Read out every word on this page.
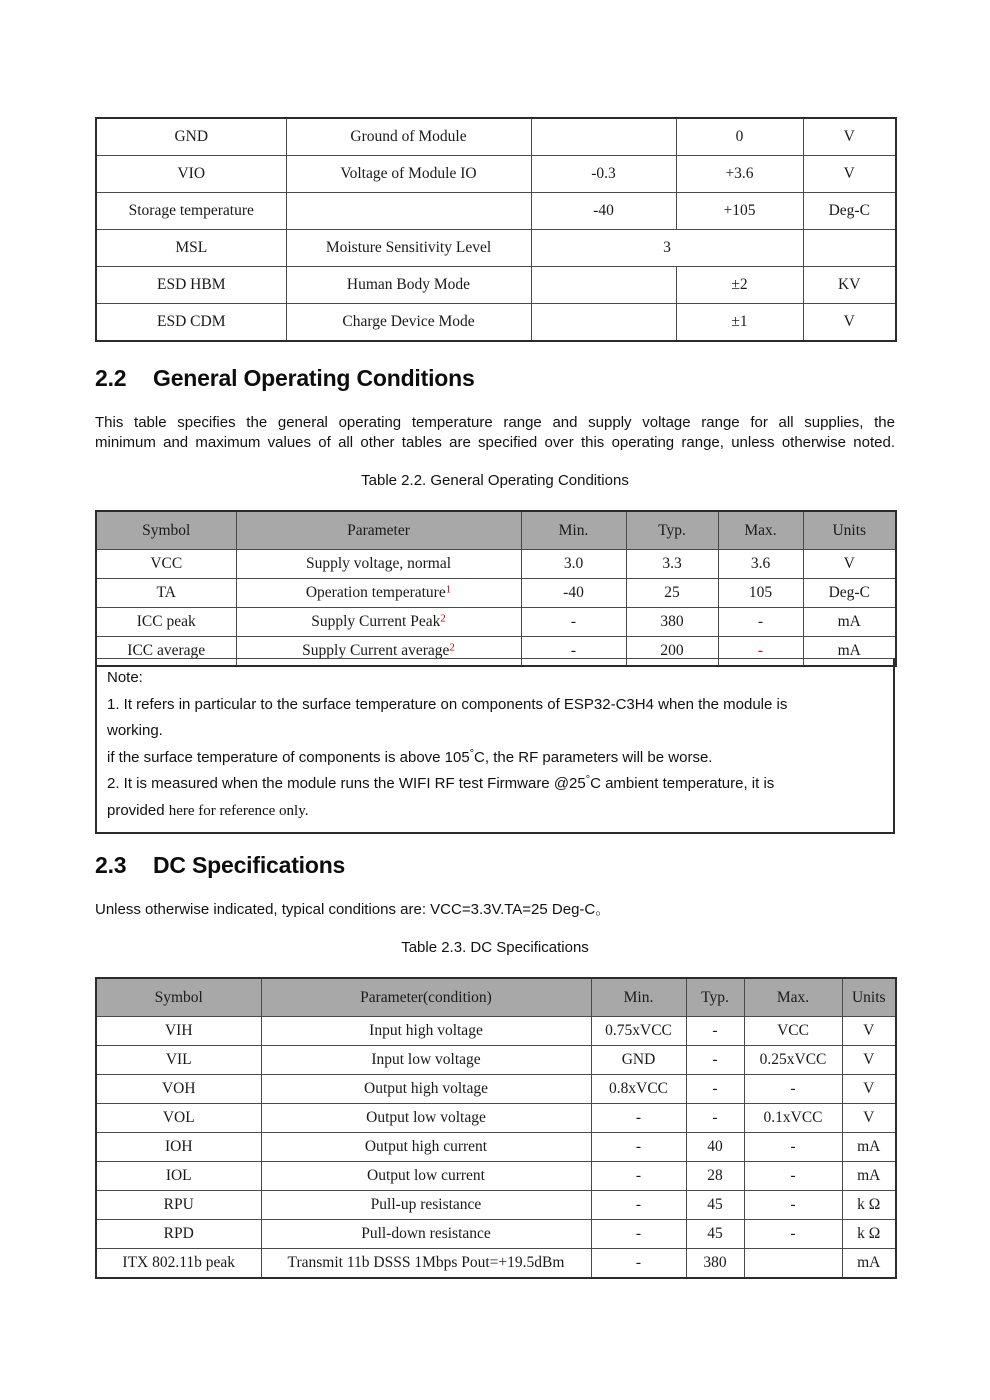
GND	Ground of Module		0	V
VIO	Voltage of Module IO	-0.3	+3.6	V
Storage temperature		-40	+105	Deg-C
MSL	Moisture Sensitivity Level	3		
ESD HBM	Human Body Mode		±2	KV
ESD CDM	Charge Device Mode		±1	V
2.2 General Operating Conditions
This table specifies the general operating temperature range and supply voltage range for all supplies, the
minimum and maximum values of all other tables are specified over this operating range, unless otherwise noted.
Table 2.2. General Operating Conditions
Symbol	Parameter	Min.	Typ.	Max.	Units
VCC	Supply voltage, normal	3.0	3.3	3.6	V
TA	Operation temperature$^1$	-40	25	105	Deg-C
ICC peak	Supply Current Peak$^2$	-	380	-	mA
ICC average	Supply Current average$^2$	-	200	-	mA
Note:
1. It refers in particular to the surface temperature on components of ESP32-C3H4 when the module is
working.
if the surface temperature of components is above 105°C, the RF parameters will be worse.
2. It is measured when the module runs the WIFI RF test Firmware @25°C ambient temperature, it is
provided here for reference only.
2.3 DC Specifications
Unless otherwise indicated, typical conditions are: VCC=3.3V.TA=25 Deg-C。
Table 2.3. DC Specifications
Symbol	Parameter(condition)	Min.	Typ.	Max.	Units
VIH	Input high voltage	0.75xVCC	-	VCC	V
VIL	Input low voltage	GND	-	0.25xVCC	V
VOH	Output high voltage	0.8xVCC	-	-	V
VOL	Output low voltage	-	-	0.1xVCC	V
IOH	Output high current	-	40	-	mA
IOL	Output low current	-	28	-	mA
RPU	Pull-up resistance	-	45	-	k Ω
RPD	Pull-down resistance	-	45	-	k Ω
ITX 802.11b peak	Transmit 11b DSSS 1Mbps Pout=+19.5dBm	-	380		mA
